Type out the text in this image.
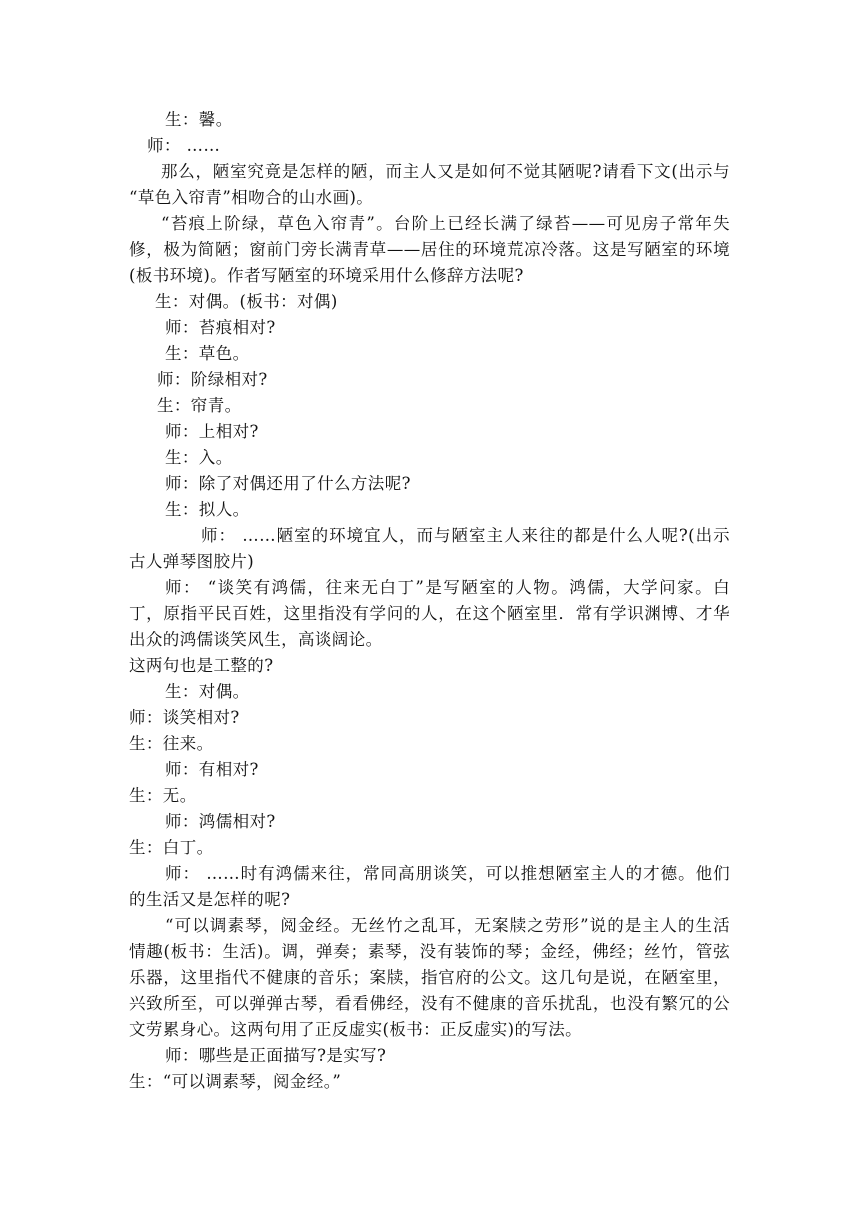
生：馨。
师： ……
那么，陋室究竟是怎样的陋，而主人又是如何不觉其陋呢?请看下文(出示与
“草色入帘青”相吻合的山水画)。
“苔痕上阶绿，草色入帘青”。台阶上已经长满了绿苔——可见房子常年失
修，极为简陋；窗前门旁长满青草——居住的环境荒凉冷落。这是写陋室的环境
(板书环境)。作者写陋室的环境采用什么修辞方法呢?
生：对偶。(板书：对偶)
师：苔痕相对?
生：草色。
师：阶绿相对?
生：帘青。
师：上相对?
生：入。
师：除了对偶还用了什么方法呢?
生：拟人。
师： ……陋室的环境宜人，而与陋室主人来往的都是什么人呢?(出示
古人弹琴图胶片)
师： “谈笑有鸿儒，往来无白丁”是写陋室的人物。鸿儒，大学问家。白
丁，原指平民百姓，这里指没有学问的人，在这个陋室里．常有学识渊博、才华
出众的鸿儒谈笑风生，高谈阔论。
这两句也是工整的?
生：对偶。
师：谈笑相对?
生：往来。
师：有相对?
生：无。
师：鸿儒相对?
生：白丁。
师： ……时有鸿儒来往，常同高朋谈笑，可以推想陋室主人的才德。他们
的生活又是怎样的呢?
“可以调素琴，阅金经。无丝竹之乱耳，无案牍之劳形”说的是主人的生活
情趣(板书：生活)。调，弹奏；素琴，没有装饰的琴；金经，佛经；丝竹，管弦
乐器，这里指代不健康的音乐；案牍，指官府的公文。这几句是说，在陋室里，
兴致所至，可以弹弹古琴，看看佛经，没有不健康的音乐扰乱，也没有繁冗的公
文劳累身心。这两句用了正反虚实(板书：正反虚实)的写法。
师：哪些是正面描写?是实写?
生：“可以调素琴，阅金经。”
